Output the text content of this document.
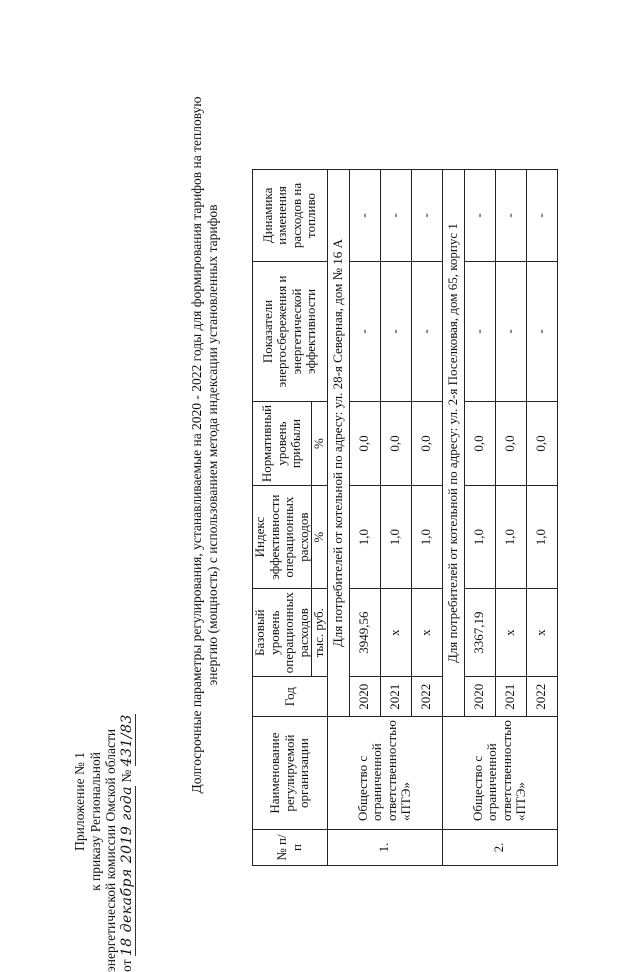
Приложение № 1 к приказу Региональной энергетической комиссии Омской области от 18 декабря 2019 года № 431/83	Долгосрочные параметры регулирования, устанавливаемые на 2020 - 2022 годы для формирования тарифов на тепловую энергию (мощность) с использованием метода индексации установленных тарифов
№ п/п	Наименование регулируемой организации	Год	Базовый уровень операционных расходов	Индекс эффективности операционных расходов	Нормативный уровень прибыли	Показатели энергосбережения и энергетической эффективности	Динамика изменения расходов на топливо
			тыс. руб.	%	%		
1.	Общество с ограниченной ответственностью «ПТЭ»	Для потребителей от котельной по адресу: ул. 28-я Северная, дом № 16 А					
		2020	3949,56	1,0	0,0	-	-
		2021	х	1,0	0,0	-	-
		2022	х	1,0	0,0	-	-
2.	Общество с ограниченной ответственностью «ПТЭ»	Для потребителей от котельной по адресу: ул. 2-я Поселковая, дом 65, корпус 1					
		2020	3367,19	1,0	0,0	-	-
		2021	х	1,0	0,0	-	-
		2022	х	1,0	0,0	-	-
